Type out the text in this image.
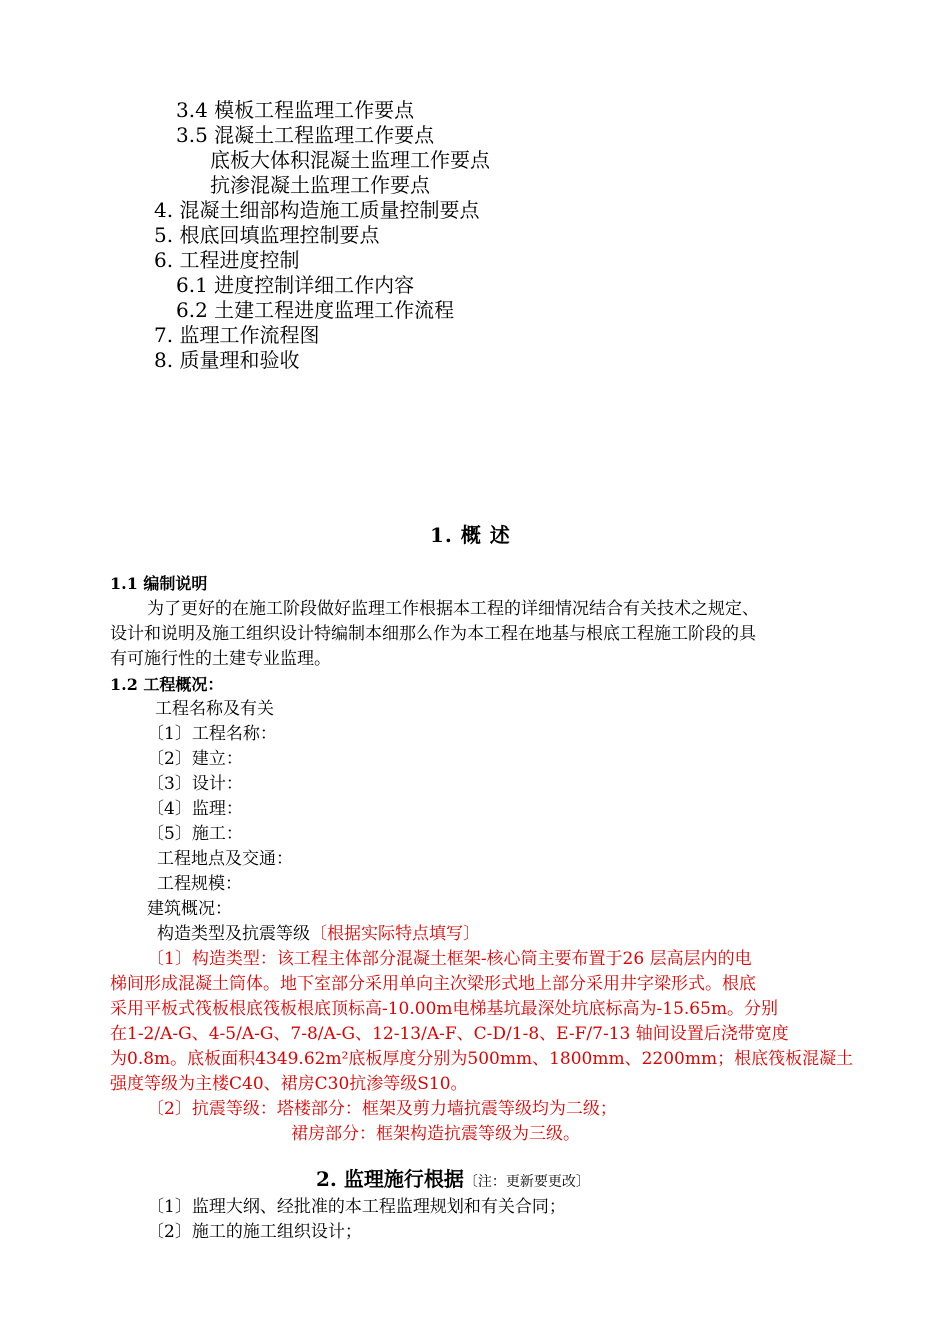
3.4 模板工程监理工作要点
3.5 混凝土工程监理工作要点
底板大体积混凝土监理工作要点
抗渗混凝土监理工作要点
4. 混凝土细部构造施工质量控制要点
5. 根底回填监理控制要点
6. 工程进度控制
6.1 进度控制详细工作内容
6.2 土建工程进度监理工作流程
7. 监理工作流程图
8. 质量理和验收
1. 概 述
1.1 编制说明
为了更好的在施工阶段做好监理工作根据本工程的详细情况结合有关技术之规定、
设计和说明及施工组织设计特编制本细那么作为本工程在地基与根底工程施工阶段的具
有可施行性的土建专业监理。
1.2 工程概况：
工程名称及有关
〔1〕工程名称：
〔2〕建立：
〔3〕设计：
〔4〕监理：
〔5〕施工：
工程地点及交通：
工程规模：
建筑概况：
构造类型及抗震等级〔根据实际特点填写〕
〔1〕构造类型：该工程主体部分混凝土框架-核心筒主要布置于26 层高层内的电
梯间形成混凝土筒体。地下室部分采用单向主次梁形式地上部分采用井字梁形式。根底
采用平板式筏板根底筏板根底顶标高-10.00m电梯基坑最深处坑底标高为-15.65m。分别
在1-2/A-G、4-5/A-G、7-8/A-G、12-13/A-F、C-D/1-8、E-F/7-13 轴间设置后浇带宽度
为0.8m。底板面积4349.62m²底板厚度分别为500mm、1800mm、2200mm；根底筏板混凝土
强度等级为主楼C40、裙房C30抗渗等级S10。
〔2〕抗震等级：塔楼部分：框架及剪力墙抗震等级均为二级；
裙房部分：框架构造抗震等级为三级。
2. 监理施行根据〔注：更新要更改〕
〔1〕监理大纲、经批准的本工程监理规划和有关合同；
〔2〕施工的施工组织设计；
